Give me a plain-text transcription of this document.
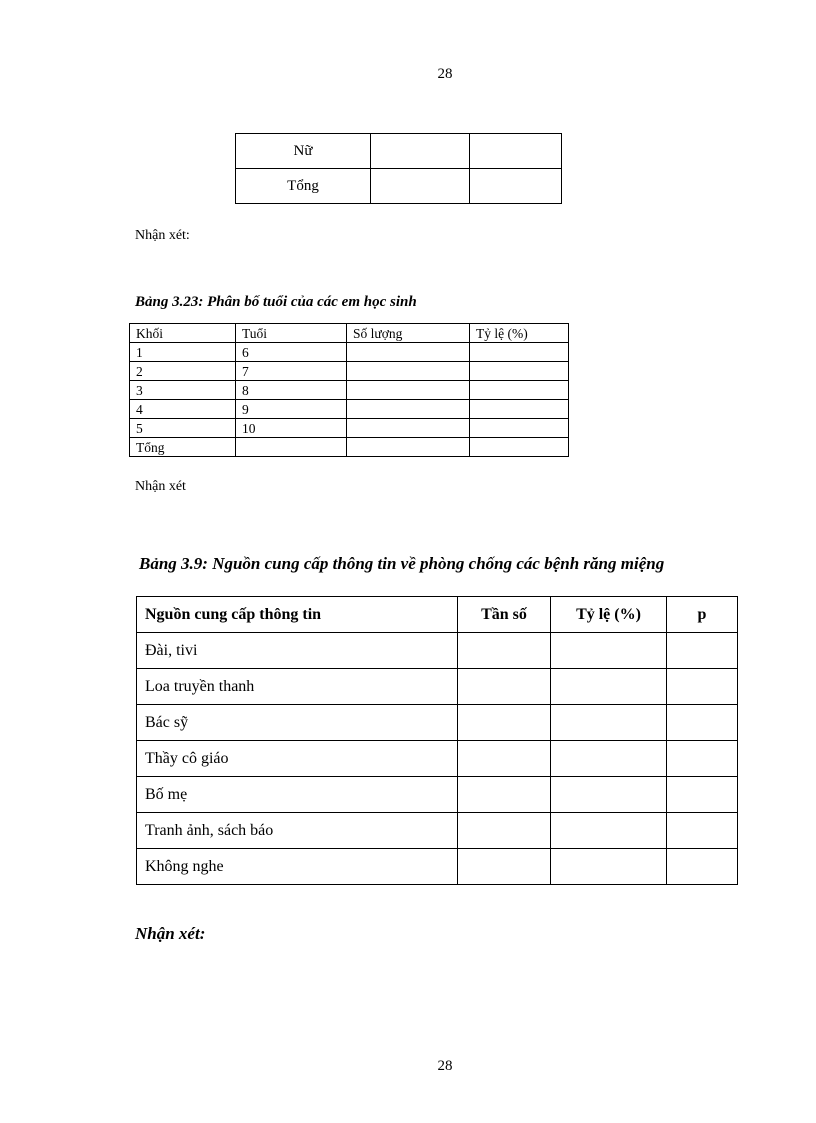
28
Nữ		
Tổng		
Nhận xét:
Bảng 3.23: Phân bố tuổi của các em học sinh
Khối	Tuổi	Số lượng	Tỷ lệ (%)
1	6		
2	7		
3	8		
4	9		
5	10		
Tổng			
Nhận xét
Bảng 3.9: Nguồn cung cấp thông tin về phòng chống các bệnh răng miệng
Nguồn cung cấp thông tin	Tần số	Tỷ lệ (%)	p
Đài, tivi			
Loa truyền thanh			
Bác sỹ			
Thầy cô giáo			
Bố mẹ			
Tranh ảnh, sách báo			
Không nghe			
Nhận xét:
28
